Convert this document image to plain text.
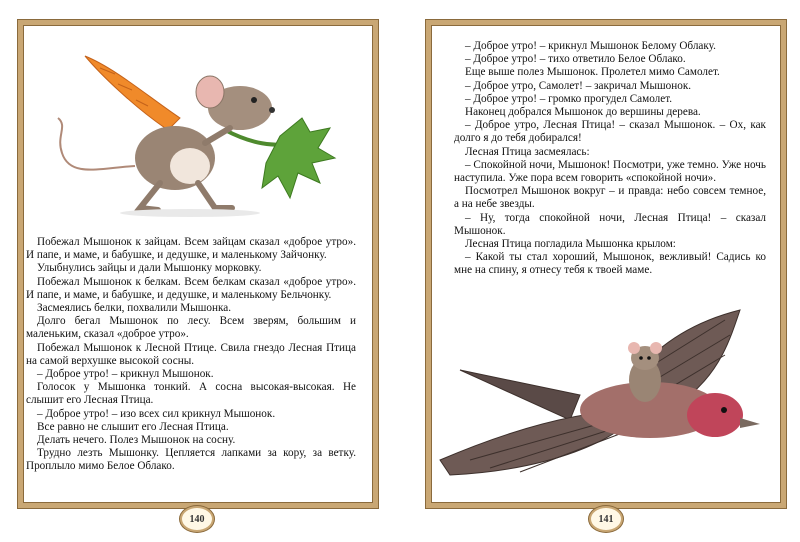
Побежал Мышонок к зайцам. Всем зайцам сказал «доброе утро». И папе, и маме, и бабушке, и дедушке, и маленькому Зайчонку.

Улыбнулись зайцы и дали Мышонку морковку.

Побежал Мышонок к белкам. Всем белкам сказал «доброе утро». И папе, и маме, и бабушке, и дедушке, и маленькому Бельчонку.

Засмеялись белки, похвалили Мышонка.

Долго бегал Мышонок по лесу. Всем зверям, большим и маленьким, сказал «доброе утро».

Побежал Мышонок к Лесной Птице. Свила гнездо Лесная Птица на самой верхушке высокой сосны.

– Доброе утро! – крикнул Мышонок.

Голосок у Мышонка тонкий. А сосна высокая-высокая. Не слышит его Лесная Птица.

– Доброе утро! – изо всех сил крикнул Мышонок.

Все равно не слышит его Лесная Птица.

Делать нечего. Полез Мышонок на сосну.

Трудно лезть Мышонку. Цепляется лапками за кору, за ветку. Проплыло мимо Белое Облако.

140

– Доброе утро! – крикнул Мышонок Белому Облаку.

– Доброе утро! – тихо ответило Белое Облако.

Еще выше полез Мышонок. Пролетел мимо Самолет.

– Доброе утро, Самолет! – закричал Мышонок.

– Доброе утро! – громко прогудел Самолет.

Наконец добрался Мышонок до вершины дерева.

– Доброе утро, Лесная Птица! – сказал Мышонок. – Ох, как долго я до тебя добирался!

Лесная Птица засмеялась:

– Спокойной ночи, Мышонок! Посмотри, уже темно. Уже ночь наступила. Уже пора всем говорить «спокойной ночи».

Посмотрел Мышонок вокруг – и правда: небо совсем темное, а на небе звезды.

– Ну, тогда спокойной ночи, Лесная Птица! – сказал Мышонок.

Лесная Птица погладила Мышонка крылом:

– Какой ты стал хороший, Мышонок, вежливый! Садись ко мне на спину, я отнесу тебя к твоей маме.

141
